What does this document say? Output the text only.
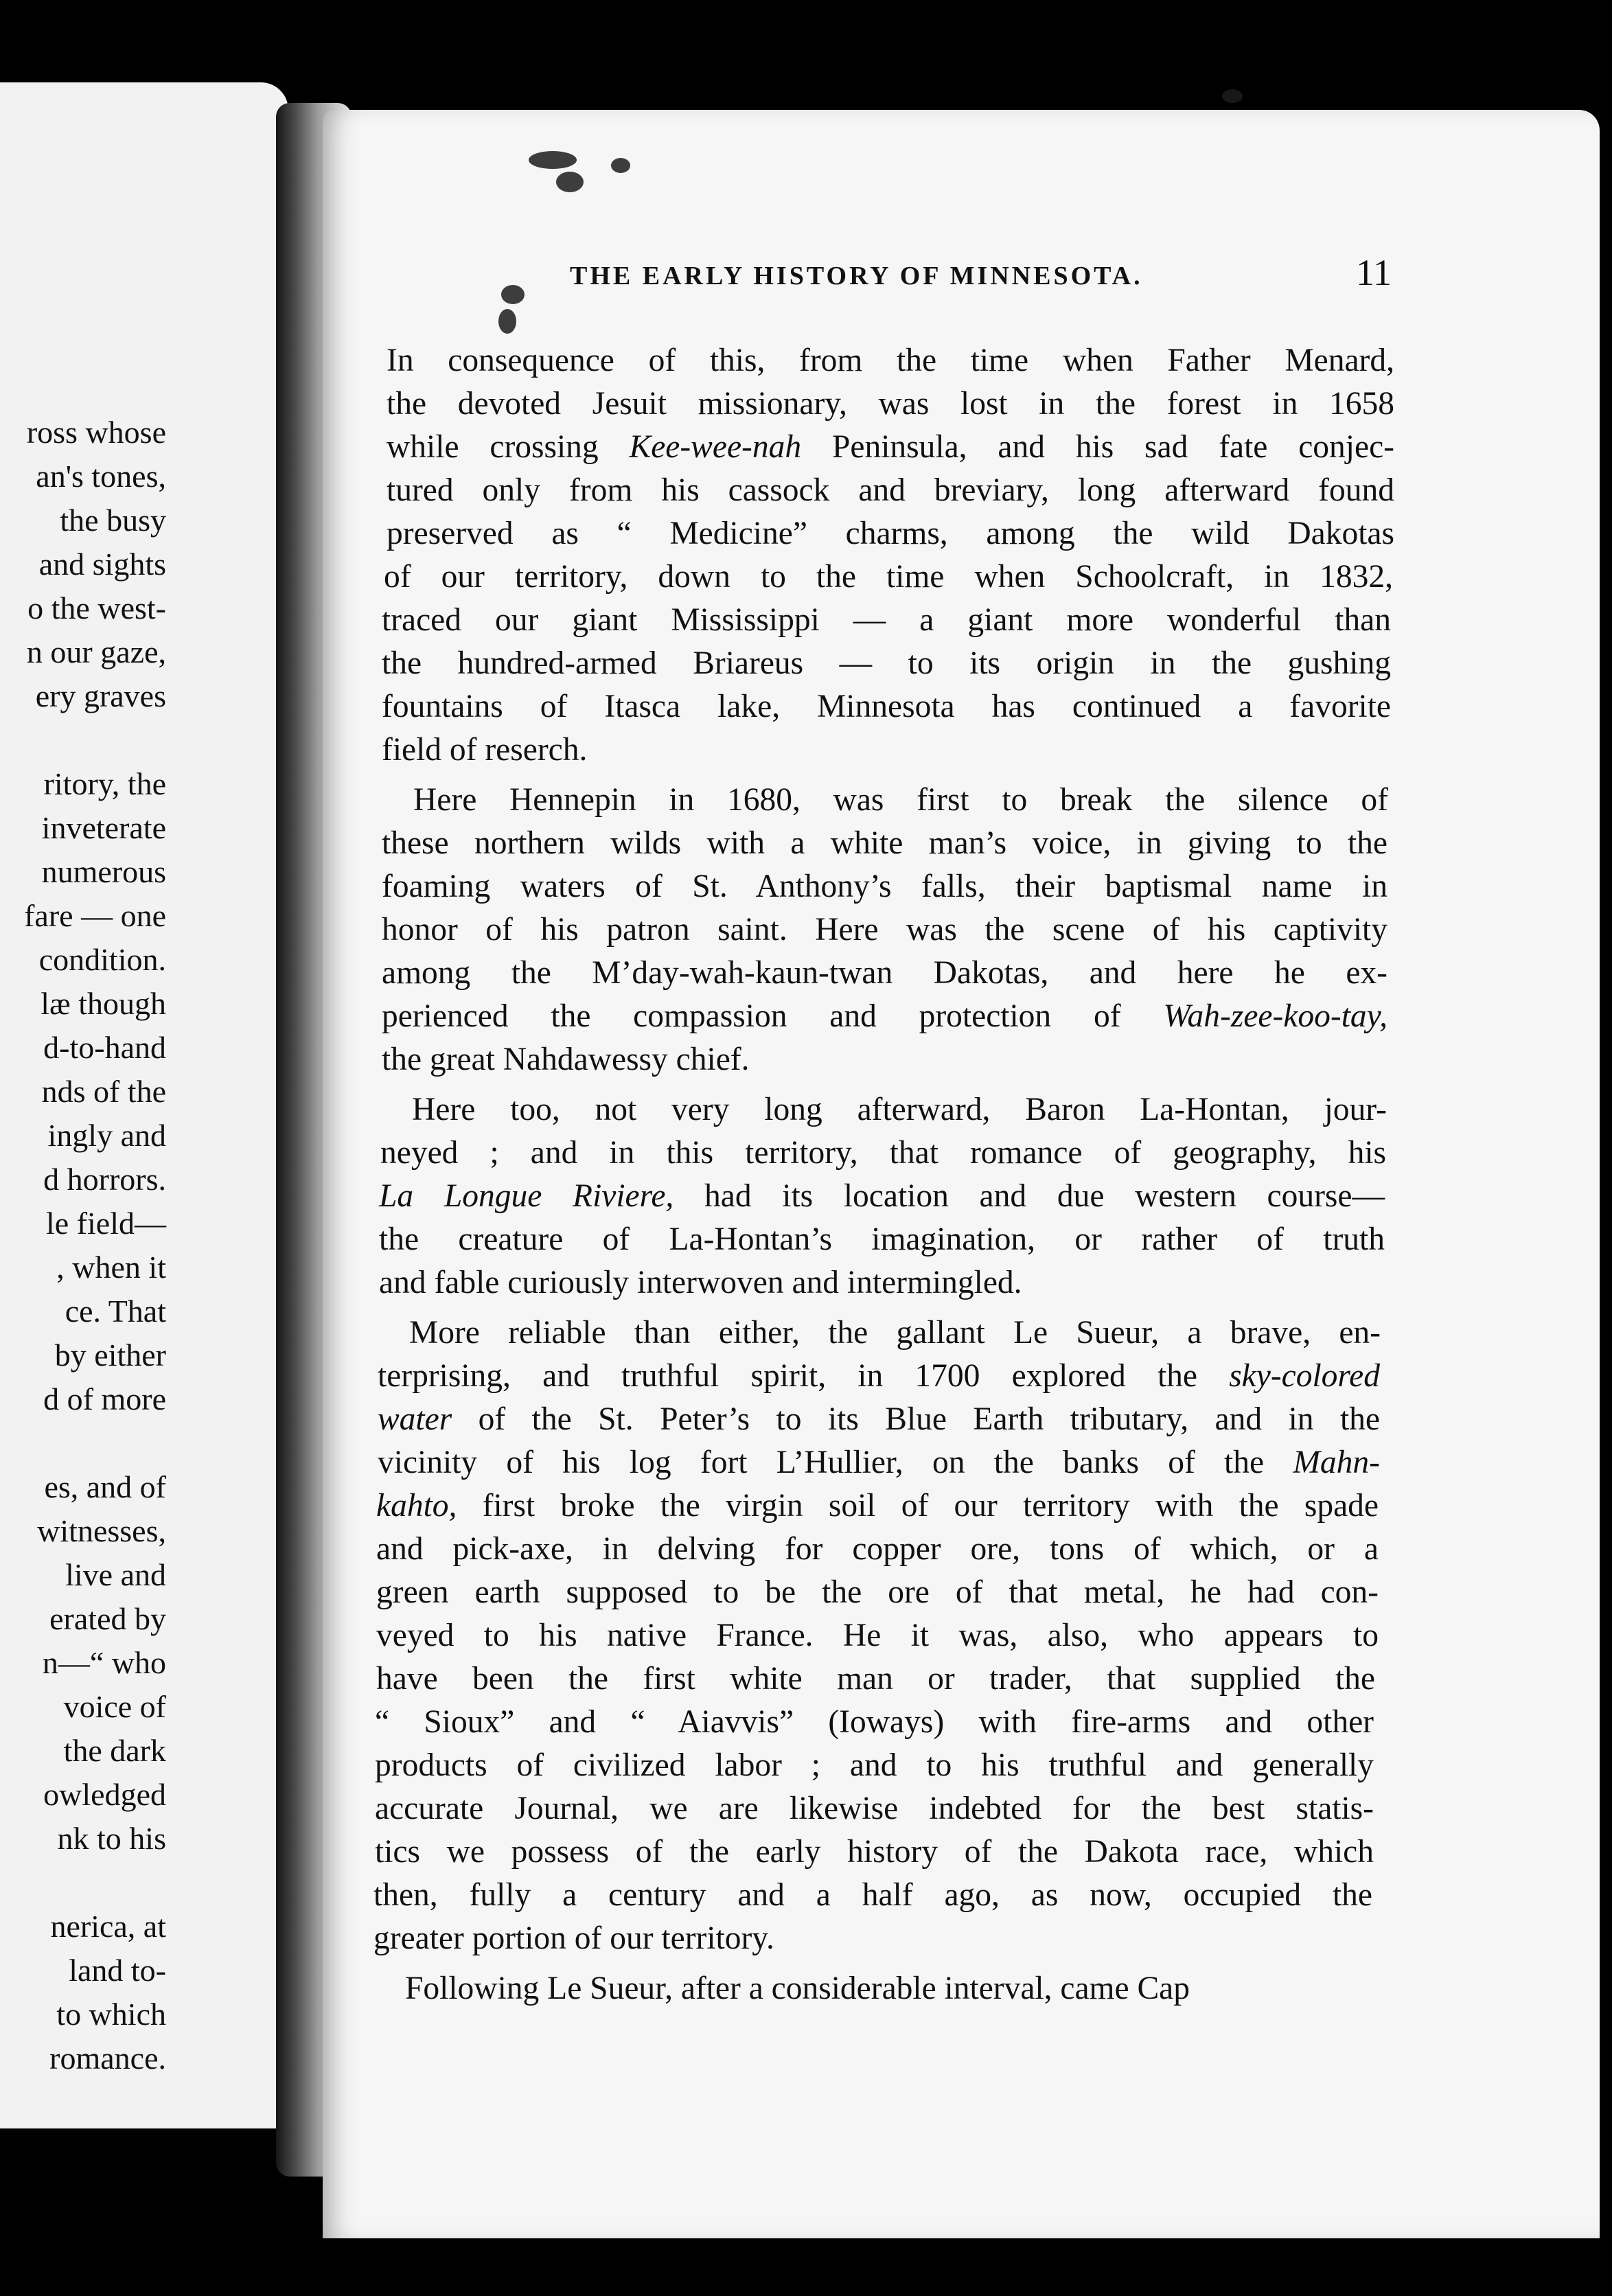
ross whose
an's tones,
the busy
and sights
o the west-
n our gaze,
ery graves
ritory, the
inveterate
numerous
fare — one
condition.
læ though
d-to-hand
nds of the
ingly and
d horrors.
le field—
, when it
ce. That
by either
d of more
es, and of
witnesses,
live and
erated by
n—“ who
voice of
the dark
owledged
nk to his
nerica, at
land to-
to which
romance.
THE EARLY HISTORY OF MINNESOTA.	11
In consequence of this, from the time when Father Menard,
the devoted Jesuit missionary, was lost in the forest in 1658
while crossing Kee-wee-nah Peninsula, and his sad fate conjec-
tured only from his cassock and breviary, long afterward found
preserved as “ Medicine” charms, among the wild Dakotas
of our territory, down to the time when Schoolcraft, in 1832,
traced our giant Mississippi — a giant more wonderful than
the hundred-armed Briareus — to its origin in the gushing
fountains of Itasca lake, Minnesota has continued a favorite
field of reserch.
Here Hennepin in 1680, was first to break the silence of
these northern wilds with a white man’s voice, in giving to the
foaming waters of St. Anthony’s falls, their baptismal name in
honor of his patron saint. Here was the scene of his captivity
among the M’day-wah-kaun-twan Dakotas, and here he ex-
perienced the compassion and protection of Wah-zee-koo-tay,
the great Nahdawessy chief.
Here too, not very long afterward, Baron La-Hontan, jour-
neyed ; and in this territory, that romance of geography, his
La Longue Riviere, had its location and due western course—
the creature of La-Hontan’s imagination, or rather of truth
and fable curiously interwoven and intermingled.
More reliable than either, the gallant Le Sueur, a brave, en-
terprising, and truthful spirit, in 1700 explored the sky-colored
water of the St. Peter’s to its Blue Earth tributary, and in the
vicinity of his log fort L’Hullier, on the banks of the Mahn-
kahto, first broke the virgin soil of our territory with the spade
and pick-axe, in delving for copper ore, tons of which, or a
green earth supposed to be the ore of that metal, he had con-
veyed to his native France. He it was, also, who appears to
have been the first white man or trader, that supplied the
“ Sioux” and “ Aiavvis” (Ioways) with fire-arms and other
products of civilized labor ; and to his truthful and generally
accurate Journal, we are likewise indebted for the best statis-
tics we possess of the early history of the Dakota race, which
then, fully a century and a half ago, as now, occupied the
greater portion of our territory.
Following Le Sueur, after a considerable interval, came Cap
